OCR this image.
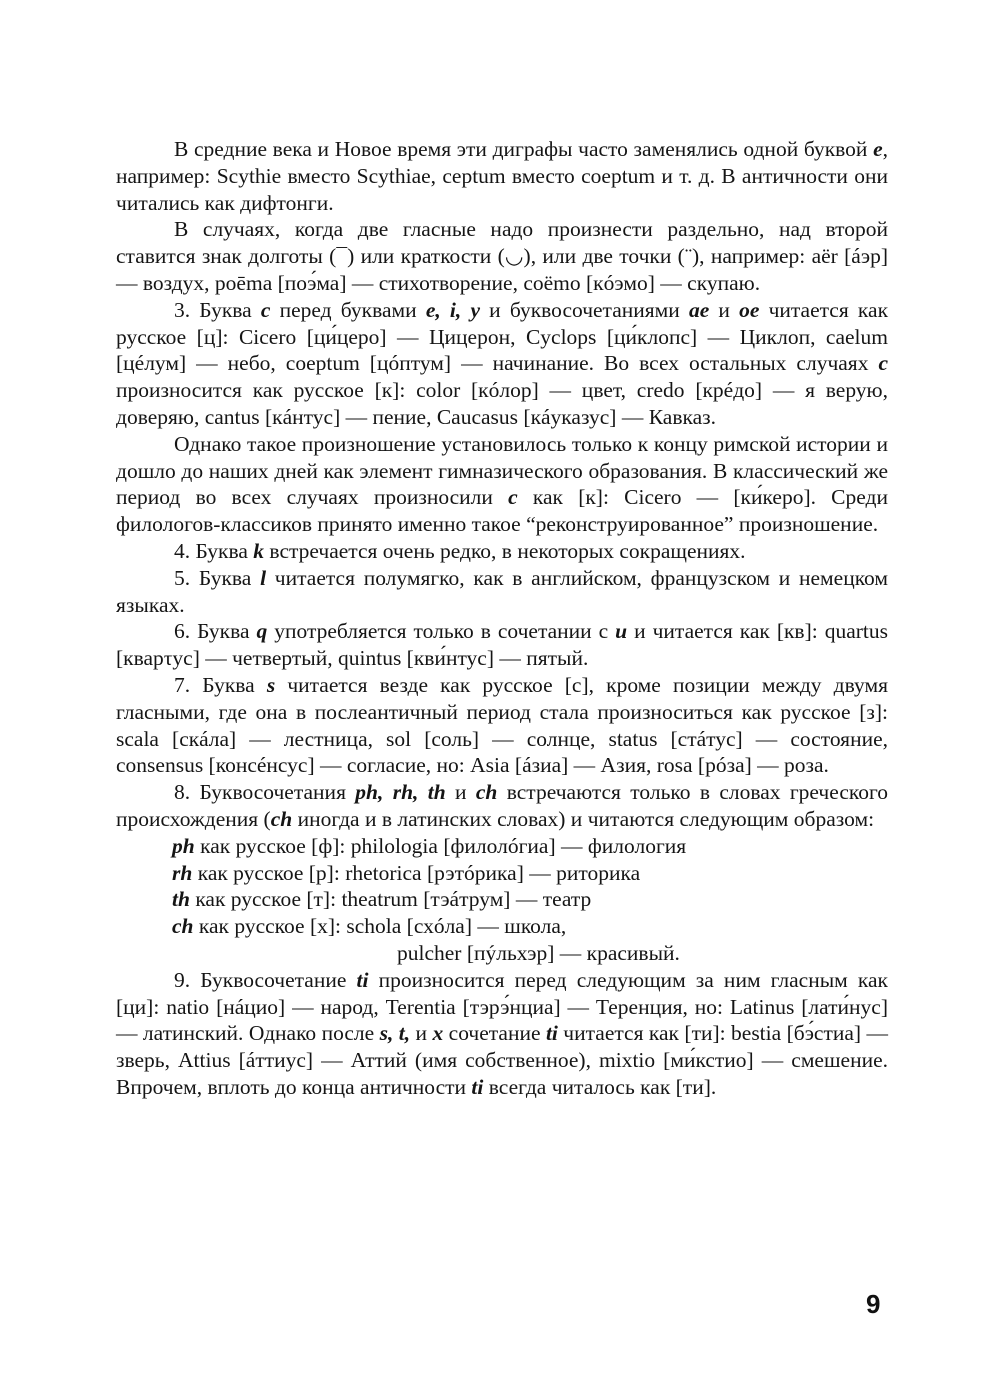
В средние века и Новое время эти диграфы часто заменялись одной буквой e, например: Scythie вместо Scythiae, ceptum вместо coeptum и т. д. В античности они читались как дифтонги.

В случаях, когда две гласные надо произнести раздельно, над второй ставится знак долготы (¯) или краткости (◡), или две точки (¨), например: aër [áэр] — воздух, poēma [поэ́ма] — стихотворение, coëmo [кóэмо] — скупаю.

3. Буква c перед буквами e, i, y и буквосочетаниями ae и oe читается как русское [ц]: Cicero [ци́церо] — Цицерон, Cyclops [ци́клопс] — Циклоп, caelum [цéлум] — небо, coeptum [цóптум] — начинание. Во всех остальных случаях c произносится как русское [к]: color [кóлор] — цвет, credo [крéдо] — я верую, доверяю, cantus [кáнтус] — пение, Caucasus [кáуказус] — Кавказ.

Однако такое произношение установилось только к концу римской истории и дошло до наших дней как элемент гимназического образования. В классический же период во всех случаях произносили c как [к]: Cicero — [ки́керо]. Среди филологов-классиков принято именно такое “реконструированное” произношение.

4. Буква k встречается очень редко, в некоторых сокращениях.

5. Буква l читается полумягко, как в английском, французском и немецком языках.

6. Буква q употребляется только в сочетании с u и читается как [кв]: quartus [кварτус] — четвертый, quintus [кви́нтус] — пятый.

7. Буква s читается везде как русское [с], кроме позиции между двумя гласными, где она в послеантичный период стала произноситься как русское [з]: scala [скáла] — лестница, sol [соль] — солнце, status [стáтус] — состояние, consensus [консéнсус] — согласие, но: Asia [áзиа] — Азия, rosa [рóза] — роза.

8. Буквосочетания ph, rh, th и ch встречаются только в словах греческого происхождения (ch иногда и в латинских словах) и читаются следующим образом:

ph как русское [ф]: philologia [филолóгиа] — филология

rh как русское [р]: rhetorica [рэтóрика] — риторика

th как русское [т]: theatrum [тэáтрум] — театр

ch как русское [х]: schola [схóла] — школа,

pulcher [пýльхэр] — красивый.

9. Буквосочетание ti произносится перед следующим за ним гласным как [ци]: natio [нáцио] — народ, Terentia [тэрэ́нциа] — Теренция, но: Latinus [лати́нус] — латинский. Однако после s, t, и x сочетание ti читается как [ти]: bestia [бэ́стиа] — зверь, Attius [áттиус] — Аттий (имя собственное), mixtio [ми́кстио] — смешение. Впрочем, вплоть до конца античности ti всегда читалось как [ти].

9
